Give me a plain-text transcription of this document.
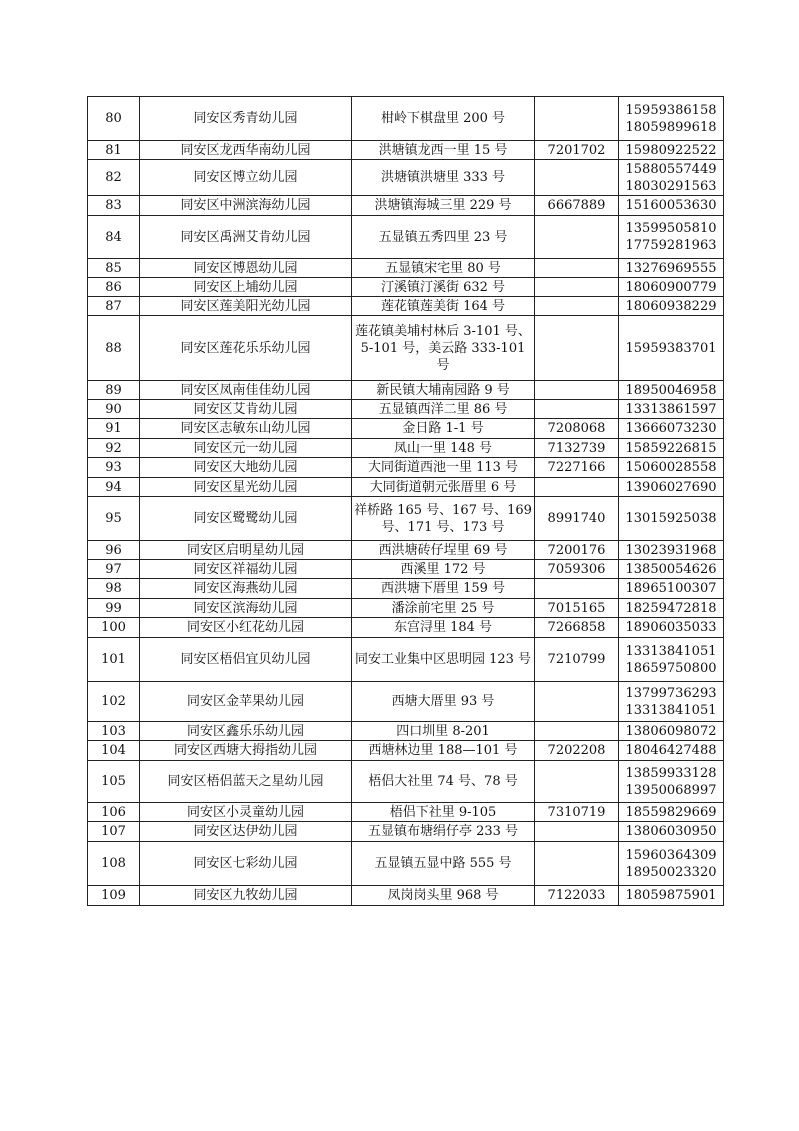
80	同安区秀青幼儿园	柑岭下棋盘里 200 号		15959386158
18059899618

81	同安区龙西华南幼儿园	洪塘镇龙西一里 15 号	7201702	15980922522

82	同安区博立幼儿园	洪塘镇洪塘里 333 号		15880557449
18030291563

83	同安区中洲滨海幼儿园	洪塘镇海城三里 229 号	6667889	15160053630

84	同安区禹洲艾肯幼儿园	五显镇五秀四里 23 号		13599505810
17759281963

85	同安区博恩幼儿园	五显镇宋宅里 80 号		13276969555

86	同安区上埔幼儿园	汀溪镇汀溪街 632 号		18060900779

87	同安区莲美阳光幼儿园	莲花镇莲美街 164 号		18060938229

88	同安区莲花乐乐幼儿园	莲花镇美埔村林后 3-101 号、5-101 号，美云路 333-101 号		15959383701

89	同安区凤南佳佳幼儿园	新民镇大埔南园路 9 号		18950046958

90	同安区艾肯幼儿园	五显镇西洋二里 86 号		13313861597

91	同安区志敏东山幼儿园	金日路 1-1 号	7208068	13666073230

92	同安区元一幼儿园	凤山一里 148 号	7132739	15859226815

93	同安区大地幼儿园	大同街道西池一里 113 号	7227166	15060028558

94	同安区星光幼儿园	大同街道朝元张厝里 6 号		13906027690

95	同安区鹭鹭幼儿园	祥桥路 165 号、167 号、169 号、171 号、173 号	8991740	13015925038

96	同安区启明星幼儿园	西洪塘砖仔埕里 69 号	7200176	13023931968

97	同安区祥福幼儿园	西溪里 172 号	7059306	13850054626

98	同安区海燕幼儿园	西洪塘下厝里 159 号		18965100307

99	同安区滨海幼儿园	潘涂前宅里 25 号	7015165	18259472818

100	同安区小红花幼儿园	东宫浔里 184 号	7266858	18906035033

101	同安区梧侣宜贝幼儿园	同安工业集中区思明园 123 号	7210799	13313841051
18659750800

102	同安区金苹果幼儿园	西塘大厝里 93 号		13799736293
13313841051

103	同安区鑫乐乐幼儿园	四口圳里 8-201		13806098072

104	同安区西塘大拇指幼儿园	西塘林边里 188—101 号	7202208	18046427488

105	同安区梧侣蓝天之星幼儿园	梧侣大社里 74 号、78 号		13859933128
13950068997

106	同安区小灵童幼儿园	梧侣下社里 9-105	7310719	18559829669

107	同安区达伊幼儿园	五显镇布塘绢仔亭 233 号		13806030950

108	同安区七彩幼儿园	五显镇五显中路 555 号		15960364309
18950023320

109	同安区九牧幼儿园	凤岗岗头里 968 号	7122033	18059875901
